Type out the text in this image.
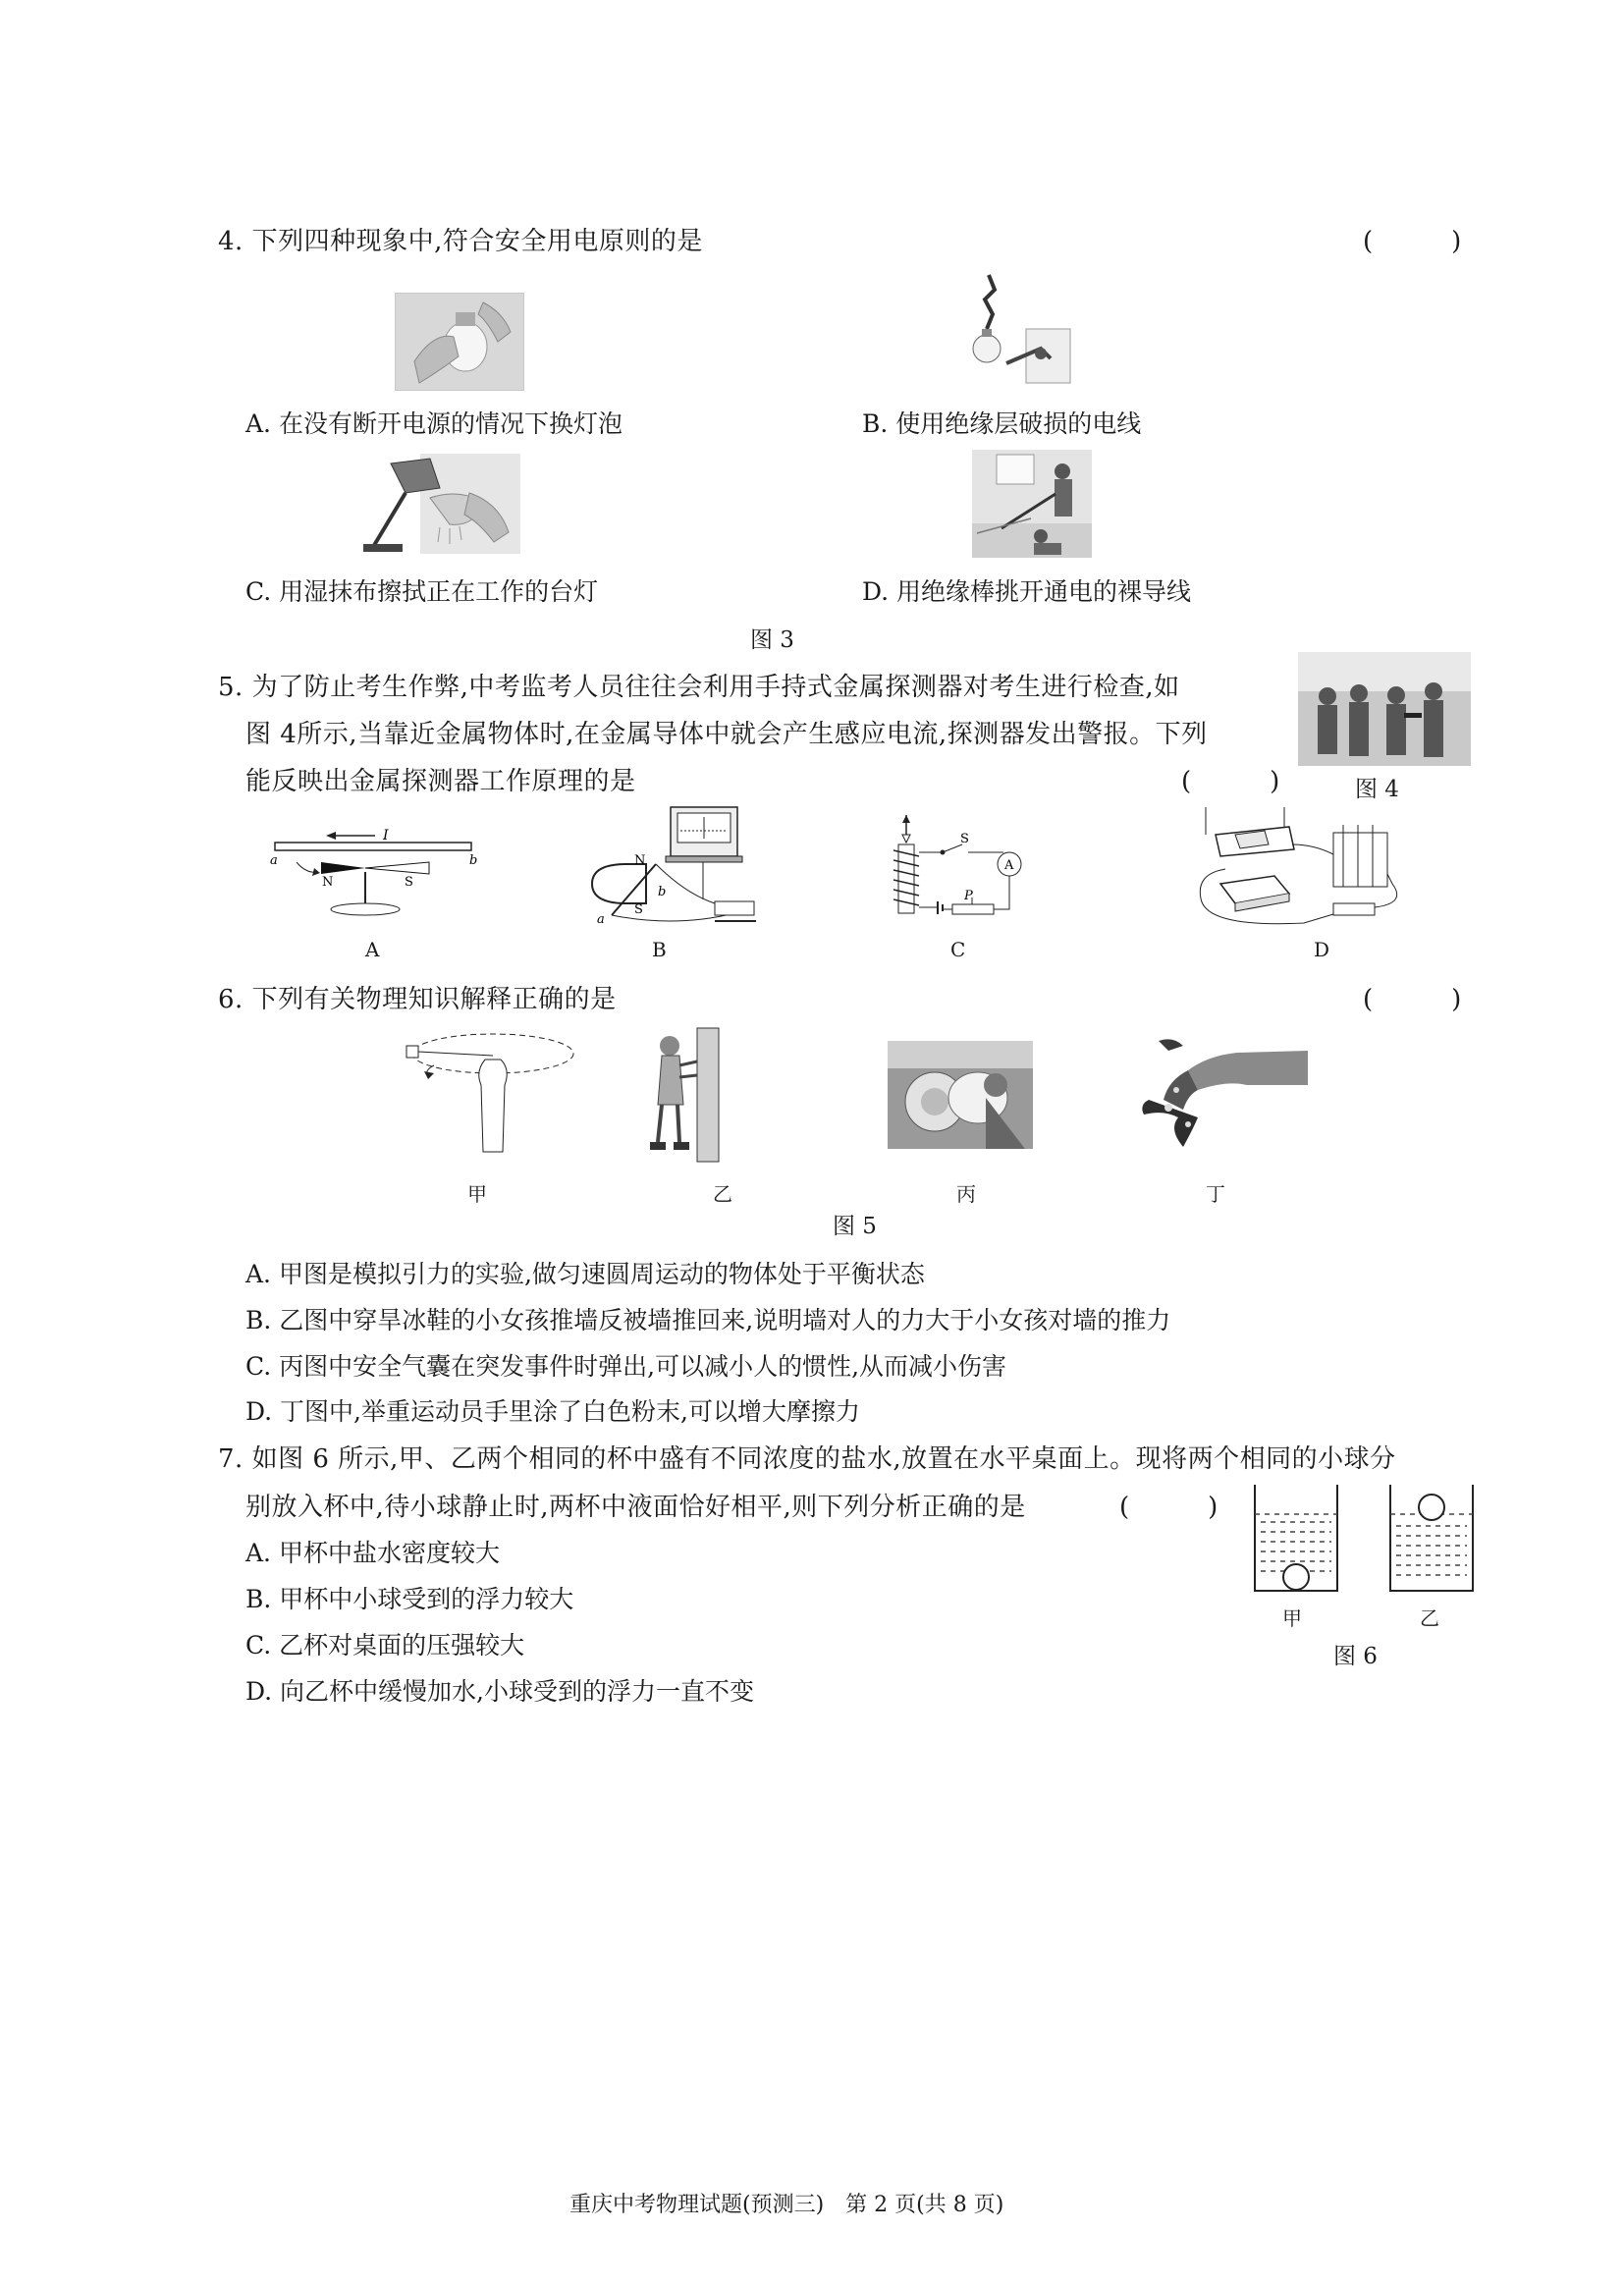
4. 下列四种现象中,符合安全用电原则的是	(　　　)
A. 在没有断开电源的情况下换灯泡	B. 使用绝缘层破损的电线
C. 用湿抹布擦拭正在工作的台灯	D. 用绝缘棒挑开通电的裸导线
图 3
5. 为了防止考生作弊,中考监考人员往往会利用手持式金属探测器对考生进行检查,如
图 4所示,当靠近金属物体时,在金属导体中就会产生感应电流,探测器发出警报。下列
能反映出金属探测器工作原理的是	(　　　)	图 4
I
a	b
N	S
A
N
S
a
b
B
S
A
P
C	D
6. 下列有关物理知识解释正确的是	(　　　)
甲	乙	丙	丁
图 5
A. 甲图是模拟引力的实验,做匀速圆周运动的物体处于平衡状态
B. 乙图中穿旱冰鞋的小女孩推墙反被墙推回来,说明墙对人的力大于小女孩对墙的推力
C. 丙图中安全气囊在突发事件时弹出,可以减小人的惯性,从而减小伤害
D. 丁图中,举重运动员手里涂了白色粉末,可以增大摩擦力
7. 如图 6 所示,甲、乙两个相同的杯中盛有不同浓度的盐水,放置在水平桌面上。现将两个相同的小球分
别放入杯中,待小球静止时,两杯中液面恰好相平,则下列分析正确的是	(　　　)
A. 甲杯中盐水密度较大
B. 甲杯中小球受到的浮力较大
C. 乙杯对桌面的压强较大
D. 向乙杯中缓慢加水,小球受到的浮力一直不变
甲	乙
图 6
重庆中考物理试题(预测三)　第 2 页(共 8 页)
